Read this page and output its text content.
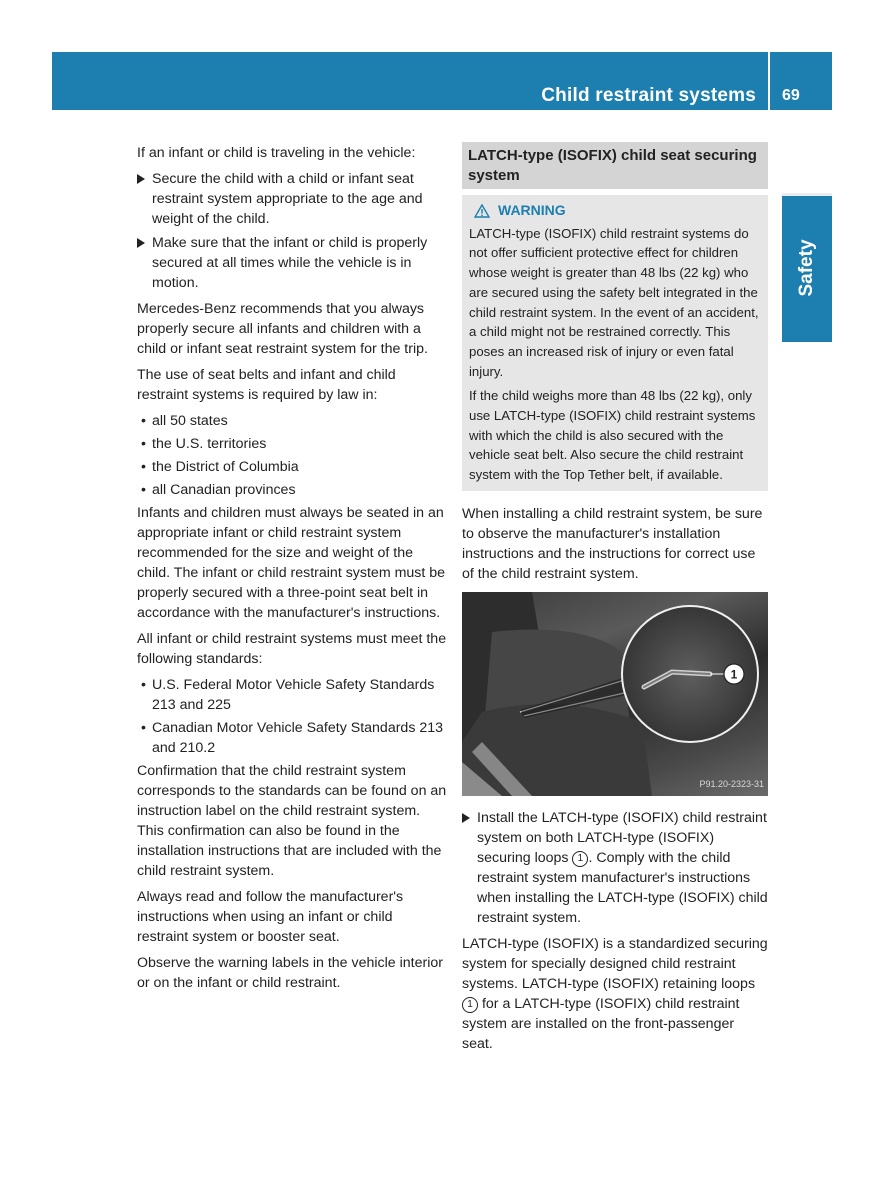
Child restraint systems 69
Safety

If an infant or child is traveling in the vehicle:

Secure the child with a child or infant seat restraint system appropriate to the age and weight of the child.
Make sure that the infant or child is properly secured at all times while the vehicle is in motion.

Mercedes-Benz recommends that you always properly secure all infants and children with a child or infant seat restraint system for the trip.

The use of seat belts and infant and child restraint systems is required by law in:

• all 50 states
• the U.S. territories
• the District of Columbia
• all Canadian provinces

Infants and children must always be seated in an appropriate infant or child restraint system recommended for the size and weight of the child. The infant or child restraint system must be properly secured with a three-point seat belt in accordance with the manufacturer's instructions.

All infant or child restraint systems must meet the following standards:

• U.S. Federal Motor Vehicle Safety Standards 213 and 225
• Canadian Motor Vehicle Safety Standards 213 and 210.2

Confirmation that the child restraint system corresponds to the standards can be found on an instruction label on the child restraint system. This confirmation can also be found in the installation instructions that are included with the child restraint system.

Always read and follow the manufacturer's instructions when using an infant or child restraint system or booster seat.

Observe the warning labels in the vehicle interior or on the infant or child restraint.

LATCH-type (ISOFIX) child seat securing system
WARNING

LATCH-type (ISOFIX) child restraint systems do not offer sufficient protective effect for children whose weight is greater than 48 lbs (22 kg) who are secured using the safety belt integrated in the child restraint system. In the event of an accident, a child might not be restrained correctly. This poses an increased risk of injury or even fatal injury.

If the child weighs more than 48 lbs (22 kg), only use LATCH-type (ISOFIX) child restraint systems with which the child is also secured with the vehicle seat belt. Also secure the child restraint system with the Top Tether belt, if available.

When installing a child restraint system, be sure to observe the manufacturer's installation instructions and the instructions for correct use of the child restraint system.

1
P91.20-2323-31
Install the LATCH-type (ISOFIX) child restraint system on both LATCH-type (ISOFIX) securing loops 1 . Comply with the child restraint system manufacturer's instructions when installing the LATCH-type (ISOFIX) child restraint system.

LATCH-type (ISOFIX) is a standardized securing system for specially designed child restraint systems. LATCH-type (ISOFIX) retaining loops 1 for a LATCH-type (ISOFIX) child restraint system are installed on the front-passenger seat.
